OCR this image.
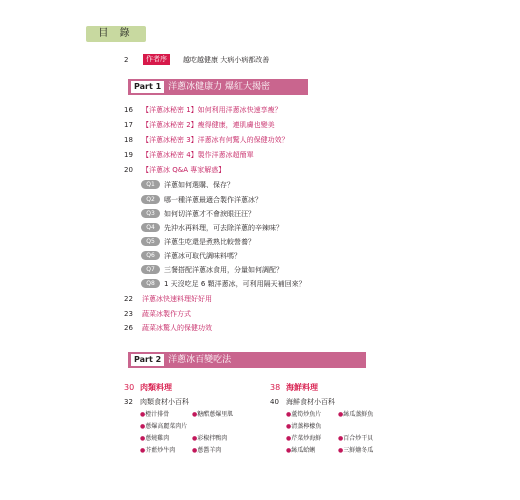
目 錄
2	作者序	越吃越健康 大病小病都改善
Part 1 洋蔥冰健康力 爆紅大揭密
16 【洋蔥冰秘密 1】如何利用洋蔥冰快速享瘦？
17 【洋蔥冰秘密 2】瘦得健康，連肌膚也變美
18 【洋蔥冰秘密 3】洋蔥冰有何驚人的保健功效？
19 【洋蔥冰秘密 4】製作洋蔥冰超簡單
20 【洋蔥冰 Q&A 專家解惑】
Q1	洋蔥如何選購、保存？
Q2	哪一種洋蔥最適合製作洋蔥冰？
Q3	如何切洋蔥才不會淚眼汪汪？
Q4	先沖水再料理，可去除洋蔥的辛辣味？
Q5	洋蔥生吃還是煮熟比較營養？
Q6	洋蔥冰可取代調味料嗎？
Q7	三餐搭配洋蔥冰食用，分量如何調配？
Q8	1 天沒吃足 6 顆洋蔥冰，可利用隔天補回來？
22 洋蔥冰快速料理好好用
23 蔬菜冰製作方式
26 蔬菜冰驚人的保健功效
Part 2 洋蔥冰百變吃法
30 肉類料理
32 肉類食材小百科
●橙汁排骨	●糖醋蔥爆里肌
●蔥爆高麗菜肉片
●蔥燒雞肉	●彩椒拌鴨肉
●芥藍炒牛肉	●蔥醬羊肉
38 海鮮料理
40 海鮮食材小百科
●蘆筍炒魚片	●絲瓜蒸鮮魚
●清蒸檸檬魚
●芹菜炒海鮮	●百合炒干貝
●絲瓜蛤蜊	●三鮮燴冬瓜
